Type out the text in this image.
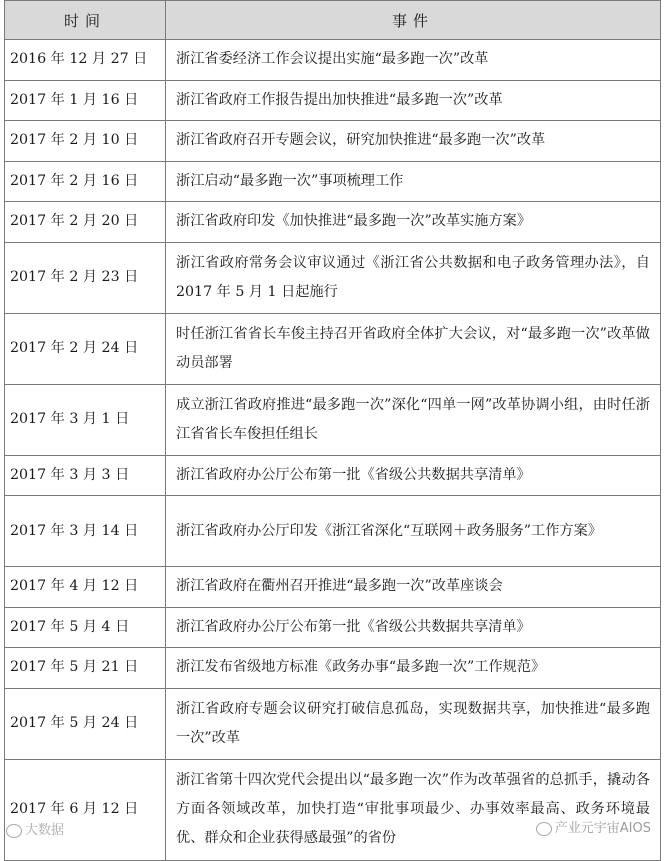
时间	事件
2016 年 12 月 27 日	浙江省委经济工作会议提出实施“最多跑一次”改革
2017 年 1 月 16 日	浙江省政府工作报告提出加快推进“最多跑一次”改革
2017 年 2 月 10 日	浙江省政府召开专题会议，研究加快推进“最多跑一次”改革
2017 年 2 月 16 日	浙江启动“最多跑一次”事项梳理工作
2017 年 2 月 20 日	浙江省政府印发《加快推进“最多跑一次”改革实施方案》
2017 年 2 月 23 日	浙江省政府常务会议审议通过《浙江省公共数据和电子政务管理办法》，自 2017 年 5 月 1 日起施行
2017 年 2 月 24 日	时任浙江省省长车俊主持召开省政府全体扩大会议，对“最多跑一次”改革做动员部署
2017 年 3 月 1 日	成立浙江省政府推进“最多跑一次”深化“四单一网”改革协调小组，由时任浙江省省长车俊担任组长
2017 年 3 月 3 日	浙江省政府办公厅公布第一批《省级公共数据共享清单》
2017 年 3 月 14 日	浙江省政府办公厅印发《浙江省深化“互联网＋政务服务”工作方案》
2017 年 4 月 12 日	浙江省政府在衢州召开推进“最多跑一次”改革座谈会
2017 年 5 月 4 日	浙江省政府办公厅公布第一批《省级公共数据共享清单》
2017 年 5 月 21 日	浙江发布省级地方标准《政务办事“最多跑一次”工作规范》
2017 年 5 月 24 日	浙江省政府专题会议研究打破信息孤岛，实现数据共享，加快推进“最多跑一次”改革
2017 年 6 月 12 日	浙江省第十四次党代会提出以“最多跑一次”作为改革强省的总抓手，撬动各方面各领域改革，加快打造“审批事项最少、办事效率最高、政务环境最优、群众和企业获得感最强”的省份
大数据	产业元宇宙AIOS
